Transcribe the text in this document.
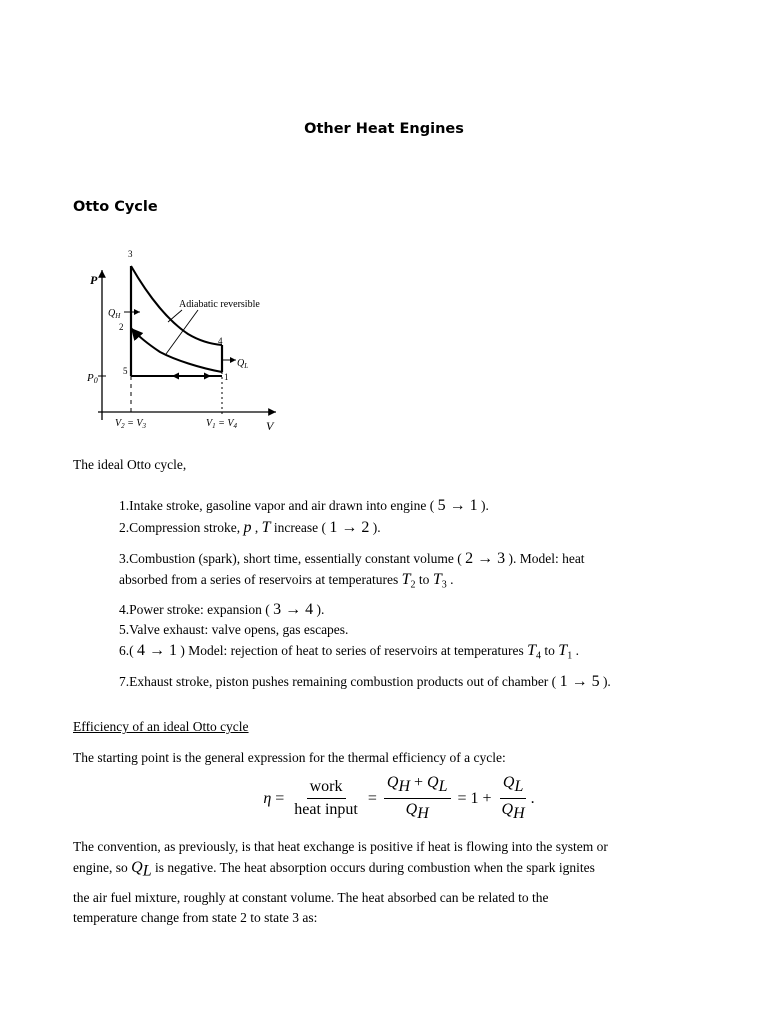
Other Heat Engines
Otto Cycle
P
V
P0
$Q_H$
$Q_L$
Adiabatic reversible
3
2
4
1
5
$V_2 = V_3$	$V_1 = V_4$
The ideal Otto cycle,
1.Intake stroke, gasoline vapor and air drawn into engine ( 5 → 1 ).
2.Compression stroke, p , T increase ( 1 → 2 ).
3.Combustion (spark), short time, essentially constant volume ( 2 → 3 ). Model: heat
absorbed from a series of reservoirs at temperatures $T_2$ to $T_3$ .
4.Power stroke: expansion ( 3 → 4 ).
5.Valve exhaust: valve opens, gas escapes.
6.( 4 → 1 ) Model: rejection of heat to series of reservoirs at temperatures $T_4$ to $T_1$ .
7.Exhaust stroke, piston pushes remaining combustion products out of chamber ( 1 → 5 ).
Efficiency of an ideal Otto cycle
The starting point is the general expression for the thermal efficiency of a cycle:
$\eta = \frac{\text{work}}{\text{heat input}} = \frac{Q_H + Q_L}{Q_H} = 1 + \frac{Q_L}{Q_H}$ .
The convention, as previously, is that heat exchange is positive if heat is flowing into the system or
engine, so $Q_L$ is negative. The heat absorption occurs during combustion when the spark ignites
the air fuel mixture, roughly at constant volume. The heat absorbed can be related to the
temperature change from state 2 to state 3 as:
